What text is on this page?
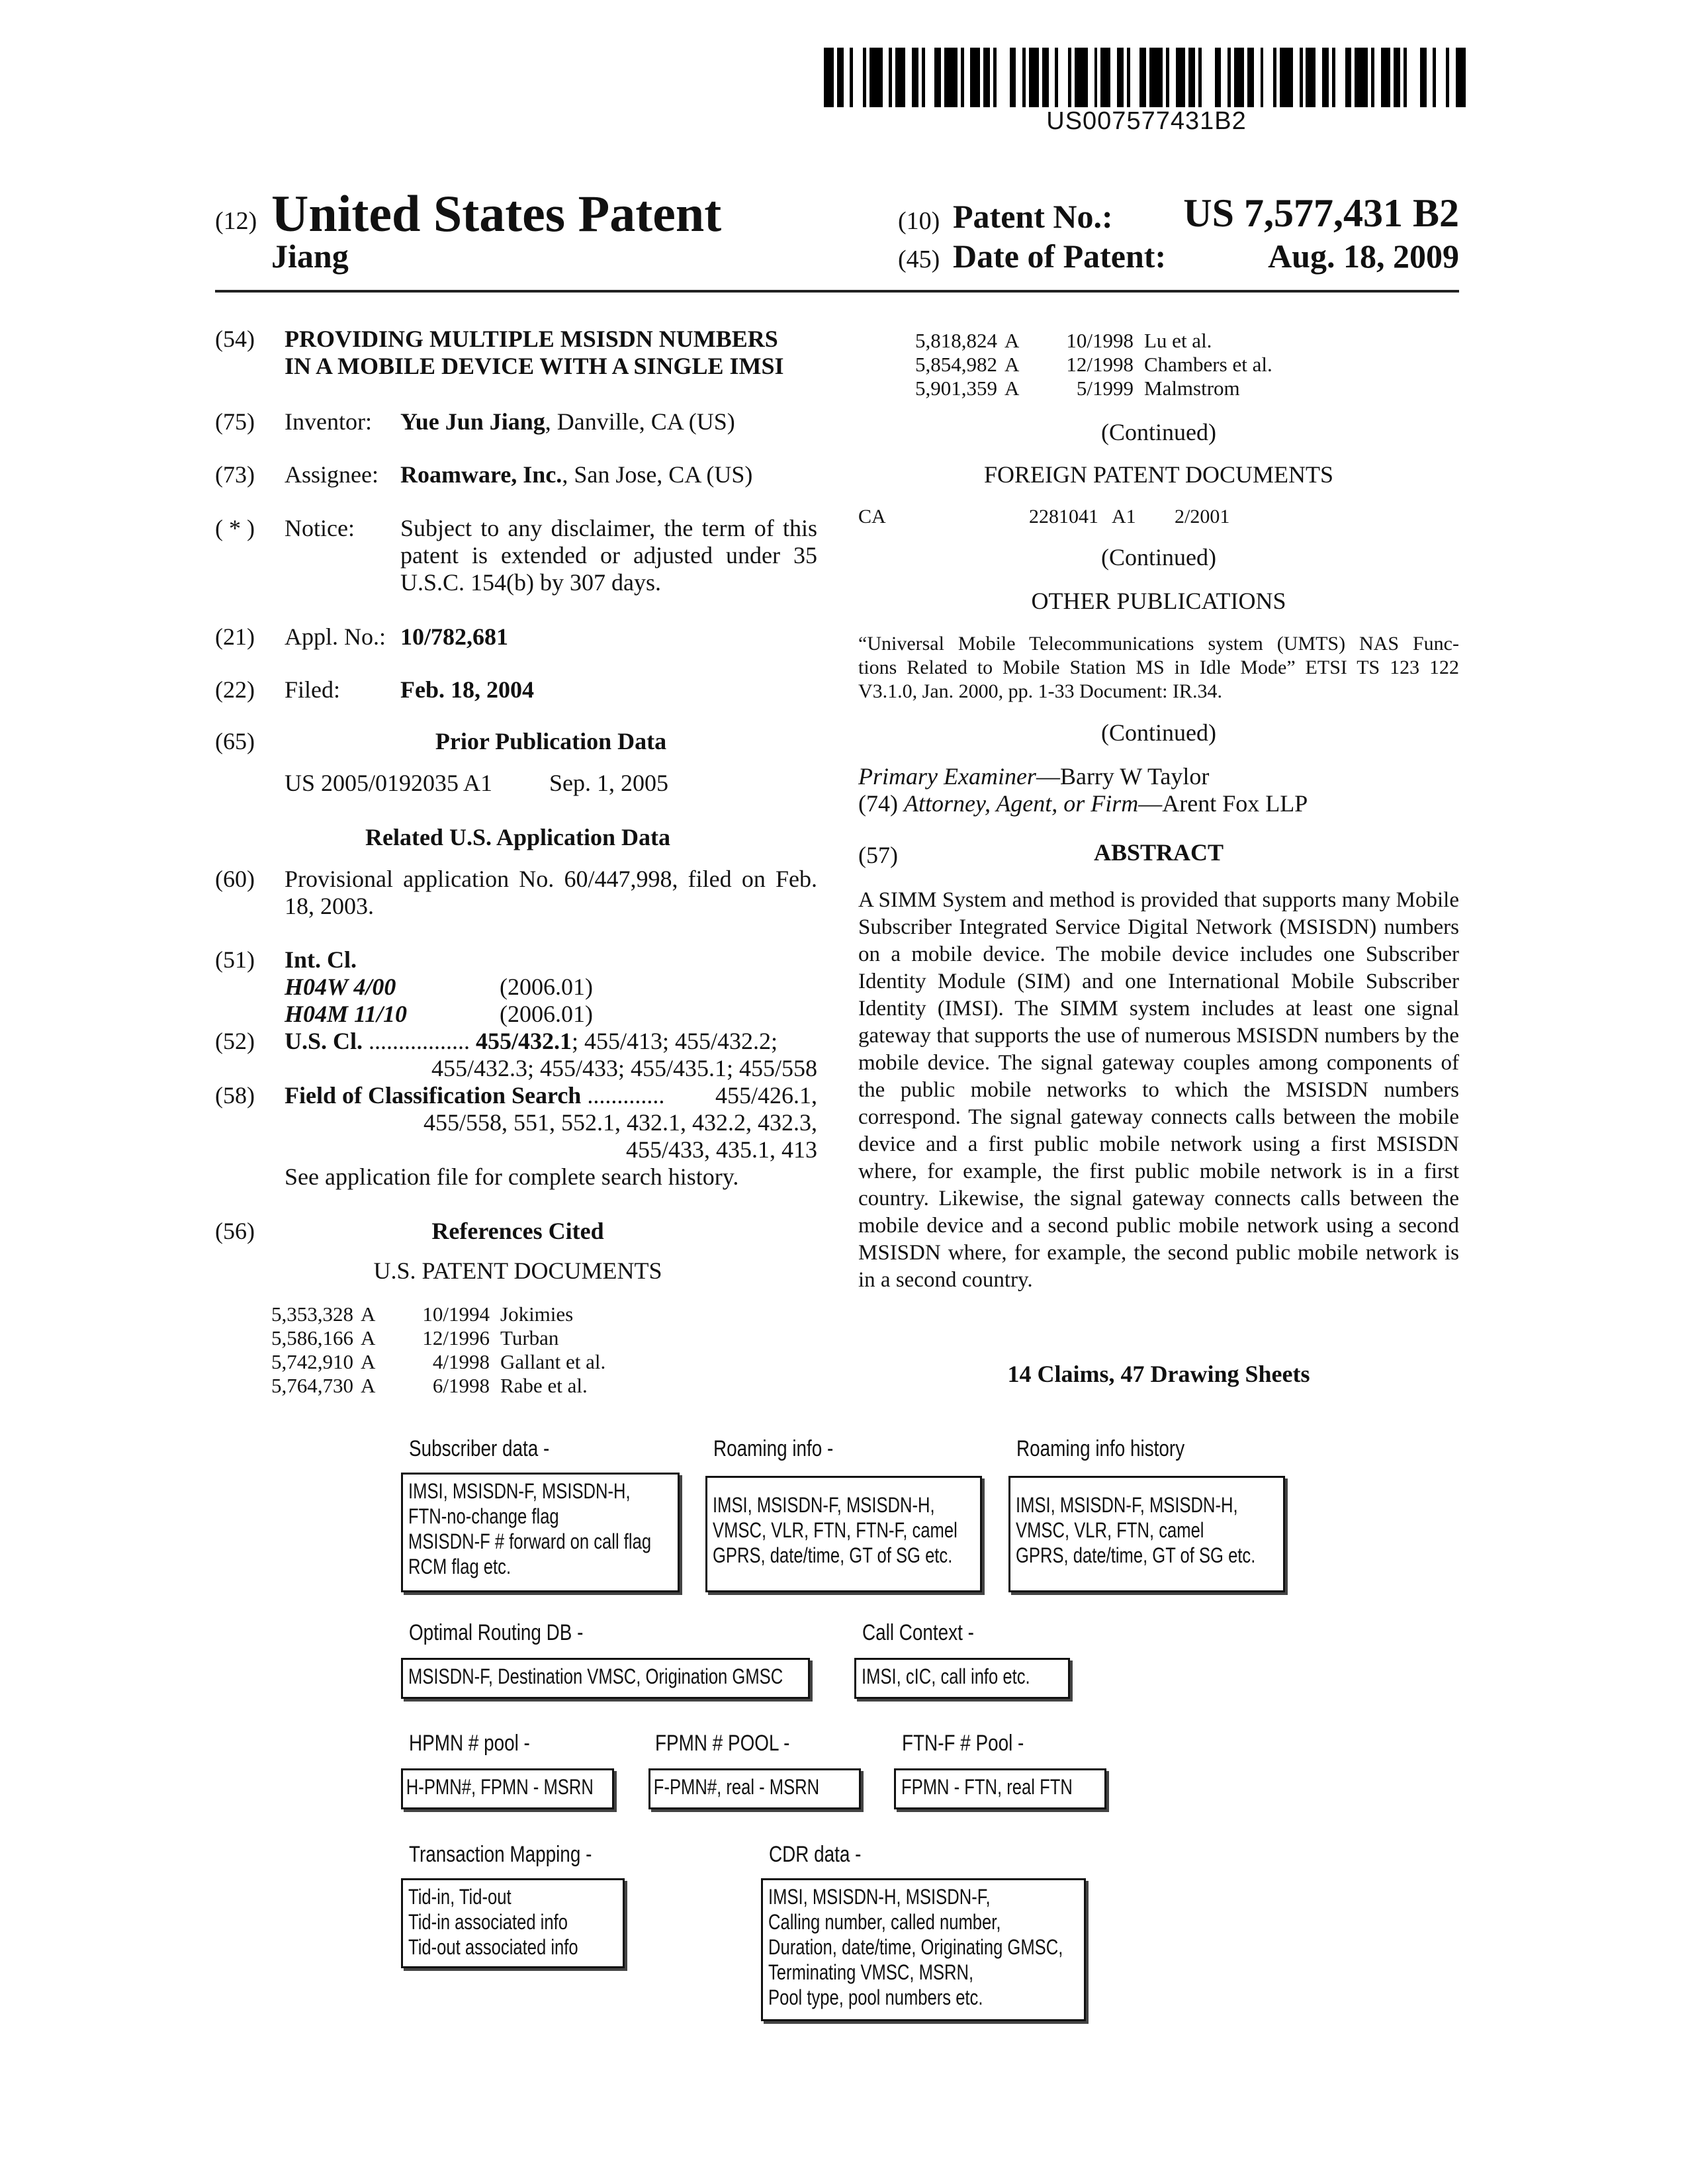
US007577431B2
(12) United States Patent
Jiang
(10) Patent No.:	US 7,577,431 B2
(45) Date of Patent:	Aug. 18, 2009
(54) PROVIDING MULTIPLE MSISDN NUMBERS
IN A MOBILE DEVICE WITH A SINGLE IMSI
(75) Inventor: Yue Jun Jiang, Danville, CA (US)
(73) Assignee: Roamware, Inc., San Jose, CA (US)
( * ) Notice: Subject to any disclaimer, the term of this
patent is extended or adjusted under 35
U.S.C. 154(b) by 307 days.
(21) Appl. No.: 10/782,681
(22) Filed:	Feb. 18, 2004
(65)	Prior Publication Data
US 2005/0192035 A1 Sep. 1, 2005
Related U.S. Application Data
(60) Provisional application No. 60/447,998, filed on Feb.
18, 2003.
(51) Int. Cl.
H04W 4/00	(2006.01)
H04M 11/10	(2006.01)
(52) U.S. Cl. ................. 455/432.1; 455/413; 455/432.2;
455/432.3; 455/433; 455/435.1; 455/558
(58) Field of Classification Search .............	455/426.1,
455/558, 551, 552.1, 432.1, 432.2, 432.3,
455/433, 435.1, 413
See application file for complete search history.
(56)	References Cited
U.S. PATENT DOCUMENTS
5,353,328	A	10/1994	Jokimies
5,586,166	A	12/1996	Turban
5,742,910	A	4/1998	Gallant et al.
5,764,730	A	6/1998	Rabe et al.
5,818,824	A	10/1998	Lu et al.
5,854,982	A	12/1998	Chambers et al.
5,901,359	A	5/1999	Malmstrom
(Continued)
FOREIGN PATENT DOCUMENTS
CA	2281041 A1 2/2001
(Continued)
OTHER PUBLICATIONS
“Universal Mobile Telecommunications system (UMTS) NAS Func-
tions Related to Mobile Station MS in Idle Mode” ETSI TS 123 122
V3.1.0, Jan. 2000, pp. 1-33 Document: IR.34.
(Continued)
Primary Examiner—Barry W Taylor
(74) Attorney, Agent, or Firm—Arent Fox LLP
(57)	ABSTRACT
A SIMM System and method is provided that supports many Mobile Subscriber Integrated Service Digital Network (MSISDN) numbers on a mobile device. The mobile device includes one Subscriber Identity Module (SIM) and one International Mobile Subscriber Identity (IMSI). The SIMM system includes at least one signal gateway that supports the use of numerous MSISDN numbers by the mobile device. The signal gateway couples among components of the public mobile networks to which the MSISDN numbers correspond. The signal gateway connects calls between the mobile device and a first public mobile network using a first MSISDN where, for example, the first public mobile network is in a first country. Likewise, the signal gateway connects calls between the mobile device and a second public mobile network using a second MSISDN where, for example, the second public mobile network is in a second country.
14 Claims, 47 Drawing Sheets
Subscriber data -
IMSI, MSISDN-F, MSISDN-H,
FTN-no-change flag
MSISDN-F # forward on call flag
RCM flag etc.
Roaming info -
IMSI, MSISDN-F, MSISDN-H,
VMSC, VLR, FTN, FTN-F, camel
GPRS, date/time, GT of SG etc.
Roaming info history
IMSI, MSISDN-F, MSISDN-H,
VMSC, VLR, FTN, camel
GPRS, date/time, GT of SG etc.
Optimal Routing DB -
MSISDN-F, Destination VMSC, Origination GMSC
Call Context -
IMSI, cIC, call info etc.
HPMN # pool -
H-PMN#, FPMN - MSRN
FPMN # POOL -
F-PMN#, real - MSRN
FTN-F # Pool -
FPMN - FTN, real FTN
Transaction Mapping -
Tid-in, Tid-out
Tid-in associated info
Tid-out associated info
CDR data -
IMSI, MSISDN-H, MSISDN-F,
Calling number, called number,
Duration, date/time, Originating GMSC,
Terminating VMSC, MSRN,
Pool type, pool numbers etc.
